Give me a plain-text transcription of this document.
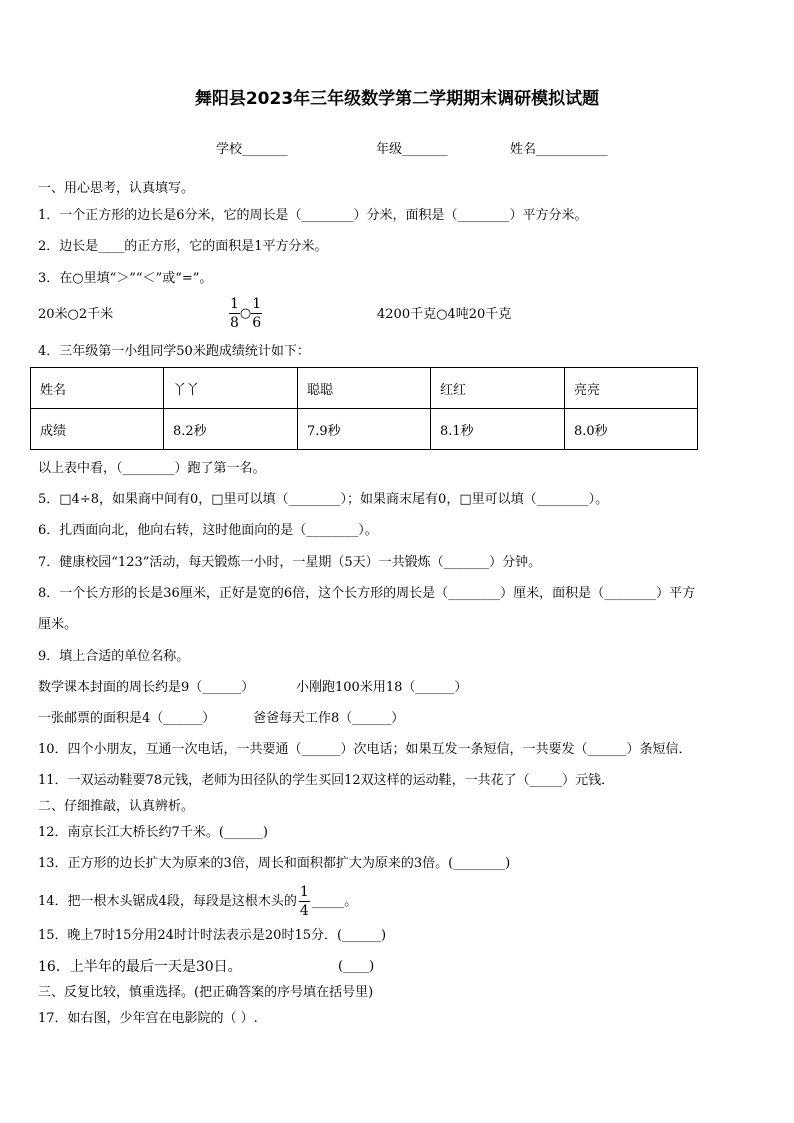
舞阳县2023年三年级数学第二学期期末调研模拟试题
学校_______	年级_______	姓名___________
一、用心思考，认真填写。
1．一个正方形的边长是6分米，它的周长是（________）分米，面积是（________）平方分米。
2．边长是____的正方形，它的面积是1平方分米。
3．在○里填“＞”“＜”或“=”。
20米○2千米	$\frac{1}{8}$ ○ $\frac{1}{6}$	4200千克○4吨20千克
4．三年级第一小组同学50米跑成绩统计如下：
姓名	丫丫	聪聪	红红	亮亮
成绩	8.2秒	7.9秒	8.1秒	8.0秒
以上表中看，（________）跑了第一名。
5．□4÷8，如果商中间有0，□里可以填（________）；如果商末尾有0，□里可以填（________）。
6．扎西面向北，他向右转，这时他面向的是（________）。
7．健康校园“123”活动，每天锻炼一小时，一星期（5天）一共锻炼（_______）分钟。
8．一个长方形的长是36厘米，正好是宽的6倍，这个长方形的周长是（________）厘米，面积是（________）平方
厘米。
9．填上合适的单位名称。
数学课本封面的周长约是9（______）	小刚跑100米用18（______）
一张邮票的面积是4（______）	爸爸每天工作8（______）
10．四个小朋友，互通一次电话，一共要通（______）次电话；如果互发一条短信，一共要发（______）条短信．
11．一双运动鞋要78元钱，老师为田径队的学生买回12双这样的运动鞋，一共花了（_____）元钱．
二、仔细推敲，认真辨析。
12．南京长江大桥长约7千米。(______)
13．正方形的边长扩大为原来的3倍，周长和面积都扩大为原来的3倍。(________)
14．把一根木头锯成4段，每段是这根木头的 $\frac{1}{4}$ _____。
15．晚上7时15分用24时计时法表示是20时15分．(______)
16．上半年的最后一天是30日。	(____)
三、反复比较，慎重选择。(把正确答案的序号填在括号里)
17．如右图，少年宫在电影院的（ ）.
